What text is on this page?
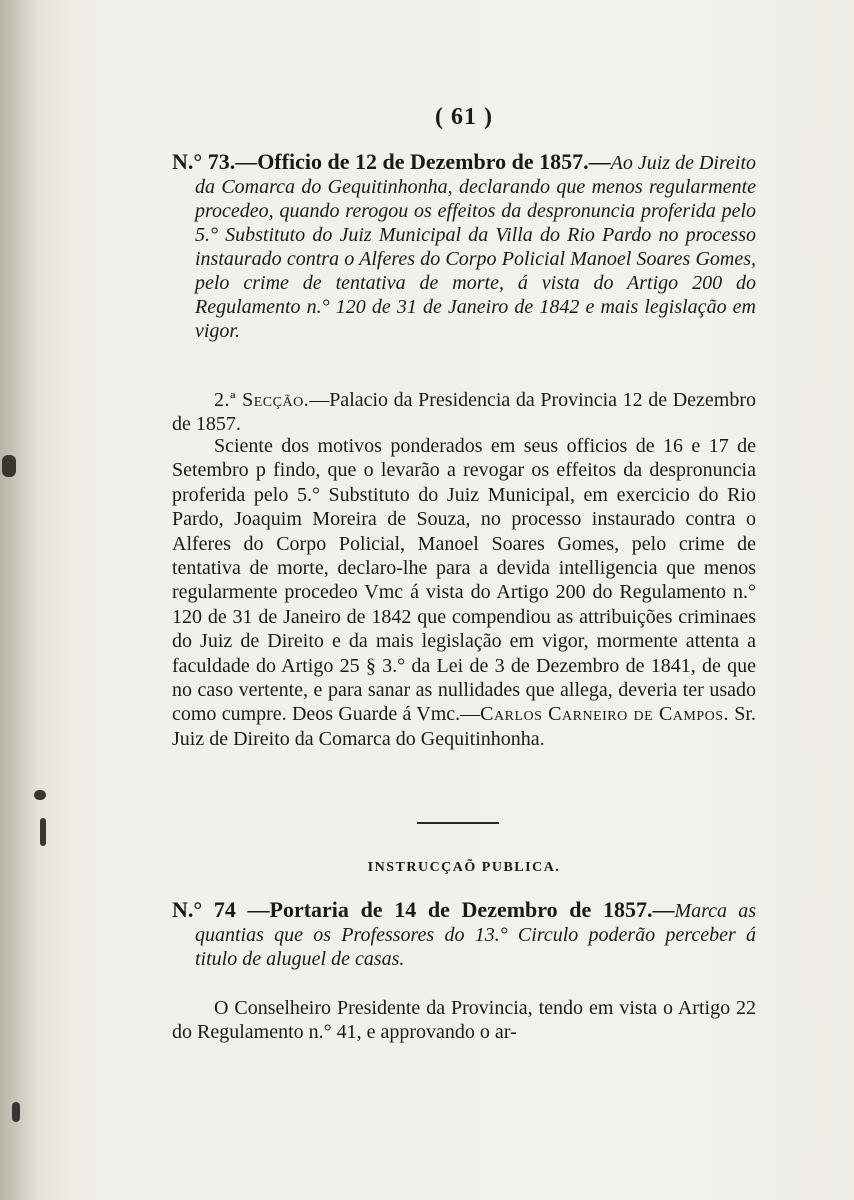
( 61 )

N.° 73.—Officio de 12 de Dezembro de 1857.—Ao Juiz de Direito da Comarca do Gequitinhonha, declarando que menos regularmente procedeo, quando rerogou os effeitos da despronuncia proferida pelo 5.° Substituto do Juiz Municipal da Villa do Rio Pardo no processo instaurado contra o Alferes do Corpo Policial Manoel Soares Gomes, pelo crime de tentativa de morte, á vista do Artigo 200 do Regulamento n.° 120 de 31 de Janeiro de 1842 e mais legislação em vigor.

2.ª Secção.—Palacio da Presidencia da Provincia 12 de Dezembro de 1857.

Sciente dos motivos ponderados em seus officios de 16 e 17 de Setembro p findo, que o levarão a revogar os effeitos da despronuncia proferida pelo 5.° Substituto do Juiz Municipal, em exercicio do Rio Pardo, Joaquim Moreira de Souza, no processo instaurado contra o Alferes do Corpo Policial, Manoel Soares Gomes, pelo crime de tentativa de morte, declaro-lhe para a devida intelligencia que menos regularmente procedeo Vmc á vista do Artigo 200 do Regulamento n.° 120 de 31 de Janeiro de 1842 que compendiou as attribuições criminaes do Juiz de Direito e da mais legislação em vigor, mormente attenta a faculdade do Artigo 25 § 3.° da Lei de 3 de Dezembro de 1841, de que no caso vertente, e para sanar as nullidades que allega, deveria ter usado como cumpre. Deos Guarde á Vmc.—Carlos Carneiro de Campos. Sr. Juiz de Direito da Comarca do Gequitinhonha.

INSTRUCÇAÕ PUBLICA.

N.° 74 —Portaria de 14 de Dezembro de 1857.—Marca as quantias que os Professores do 13.° Circulo poderão perceber á titulo de aluguel de casas.

O Conselheiro Presidente da Provincia, tendo em vista o Artigo 22 do Regulamento n.° 41, e approvando o ar-
